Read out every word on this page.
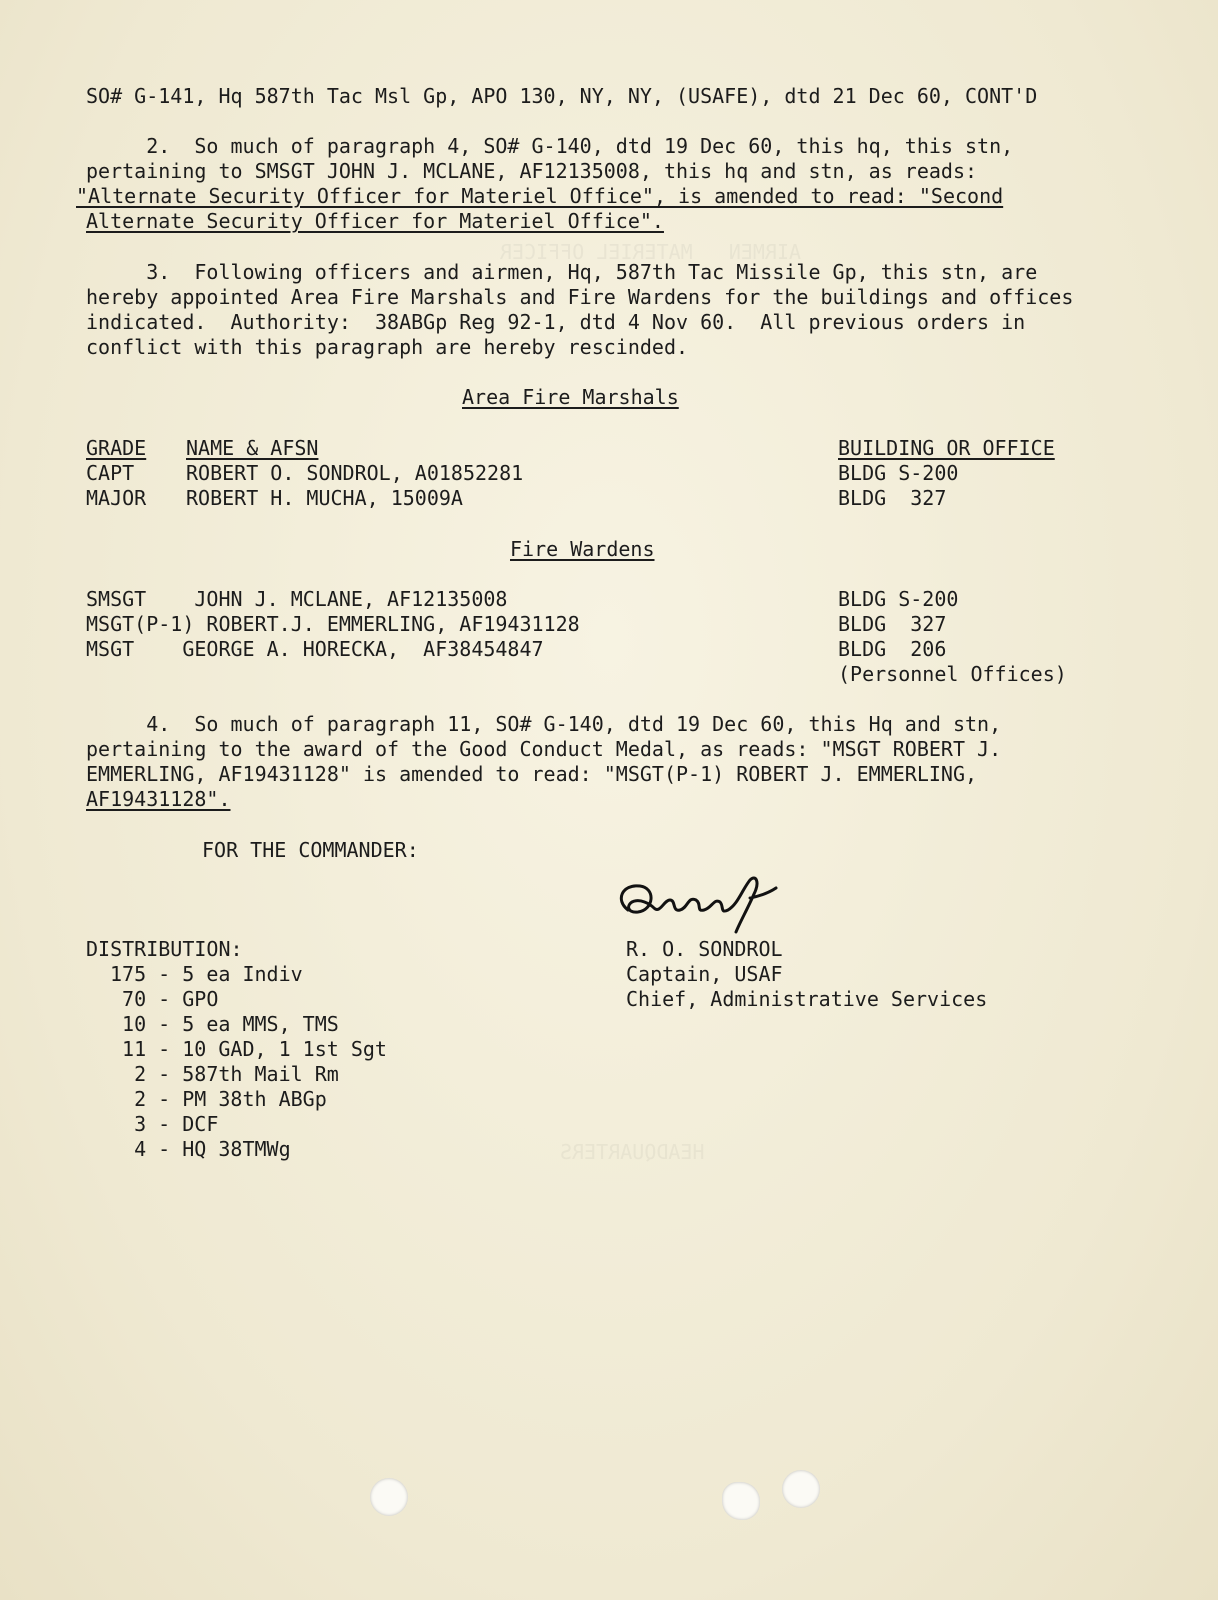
AIRMEN   MATERIEL OFFICER
HEADQUARTERS
SO# G-141, Hq 587th Tac Msl Gp, APO 130, NY, NY, (USAFE), dtd 21 Dec 60, CONT'D
2.  So much of paragraph 4, SO# G-140, dtd 19 Dec 60, this hq, this stn,
pertaining to SMSGT JOHN J. MCLANE, AF12135008, this hq and stn, as reads:
"Alternate Security Officer for Materiel Office", is amended to read: "Second
Alternate Security Officer for Materiel Office".
3.  Following officers and airmen, Hq, 587th Tac Missile Gp, this stn, are
hereby appointed Area Fire Marshals and Fire Wardens for the buildings and offices
indicated.  Authority:  38ABGp Reg 92-1, dtd 4 Nov 60.  All previous orders in
conflict with this paragraph are hereby rescinded.
Area Fire Marshals
GRADE NAME & AFSN	BUILDING OR OFFICE
CAPT	ROBERT O. SONDROL, A01852281	BLDG S-200
MAJOR ROBERT H. MUCHA, 15009A	BLDG  327
Fire Wardens
SMSGT    JOHN J. MCLANE, AF12135008	BLDG S-200
MSGT(P-1) ROBERT.J. EMMERLING, AF19431128	BLDG  327
MSGT    GEORGE A. HORECKA,  AF38454847	BLDG  206
(Personnel Offices)
4.  So much of paragraph 11, SO# G-140, dtd 19 Dec 60, this Hq and stn,
pertaining to the award of the Good Conduct Medal, as reads: "MSGT ROBERT J.
EMMERLING, AF19431128" is amended to read: "MSGT(P-1) ROBERT J. EMMERLING,
AF19431128".
FOR THE COMMANDER:
R. O. SONDROL
Captain, USAF
Chief, Administrative Services
DISTRIBUTION:
175 - 5 ea Indiv
70 - GPO
10 - 5 ea MMS, TMS
11 - 10 GAD, 1 1st Sgt
2 - 587th Mail Rm
2 - PM 38th ABGp
3 - DCF
4 - HQ 38TMWg
